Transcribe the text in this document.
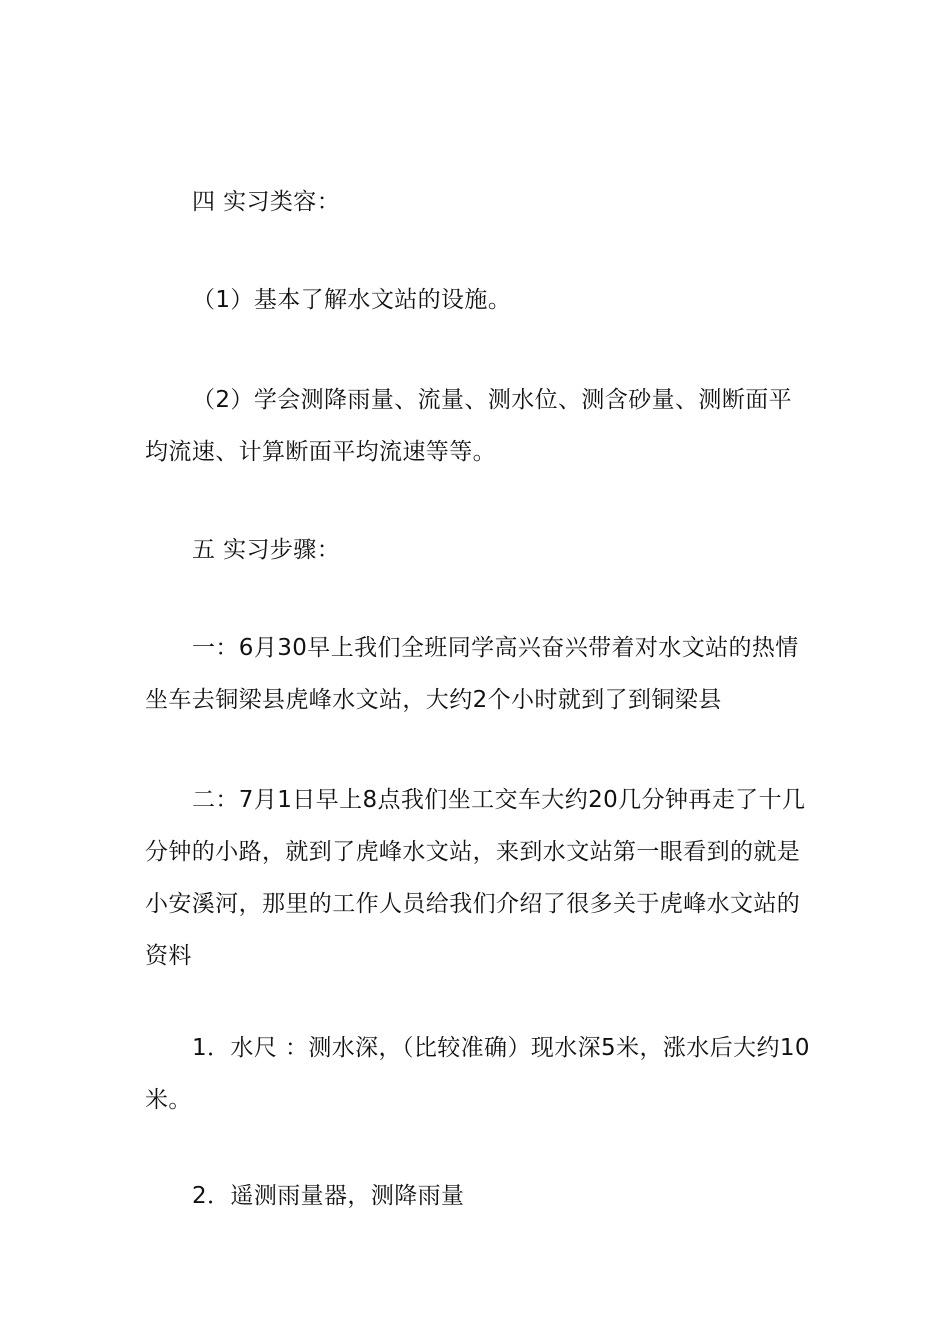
四 实习类容：
（1）基本了解水文站的设施。
（2）学会测降雨量、流量、测水位、测含砂量、测断面平均流速、计算断面平均流速等等。
五 实习步骤：
一：6月30早上我们全班同学高兴奋兴带着对水文站的热情坐车去铜梁县虎峰水文站，大约2个小时就到了到铜梁县
二：7月1日早上8点我们坐工交车大约20几分钟再走了十几分钟的小路，就到了虎峰水文站，来到水文站第一眼看到的就是小安溪河，那里的工作人员给我们介绍了很多关于虎峰水文站的资料
1．水尺 ：测水深，（比较准确）现水深5米，涨水后大约10米。
2．遥测雨量器，测降雨量
